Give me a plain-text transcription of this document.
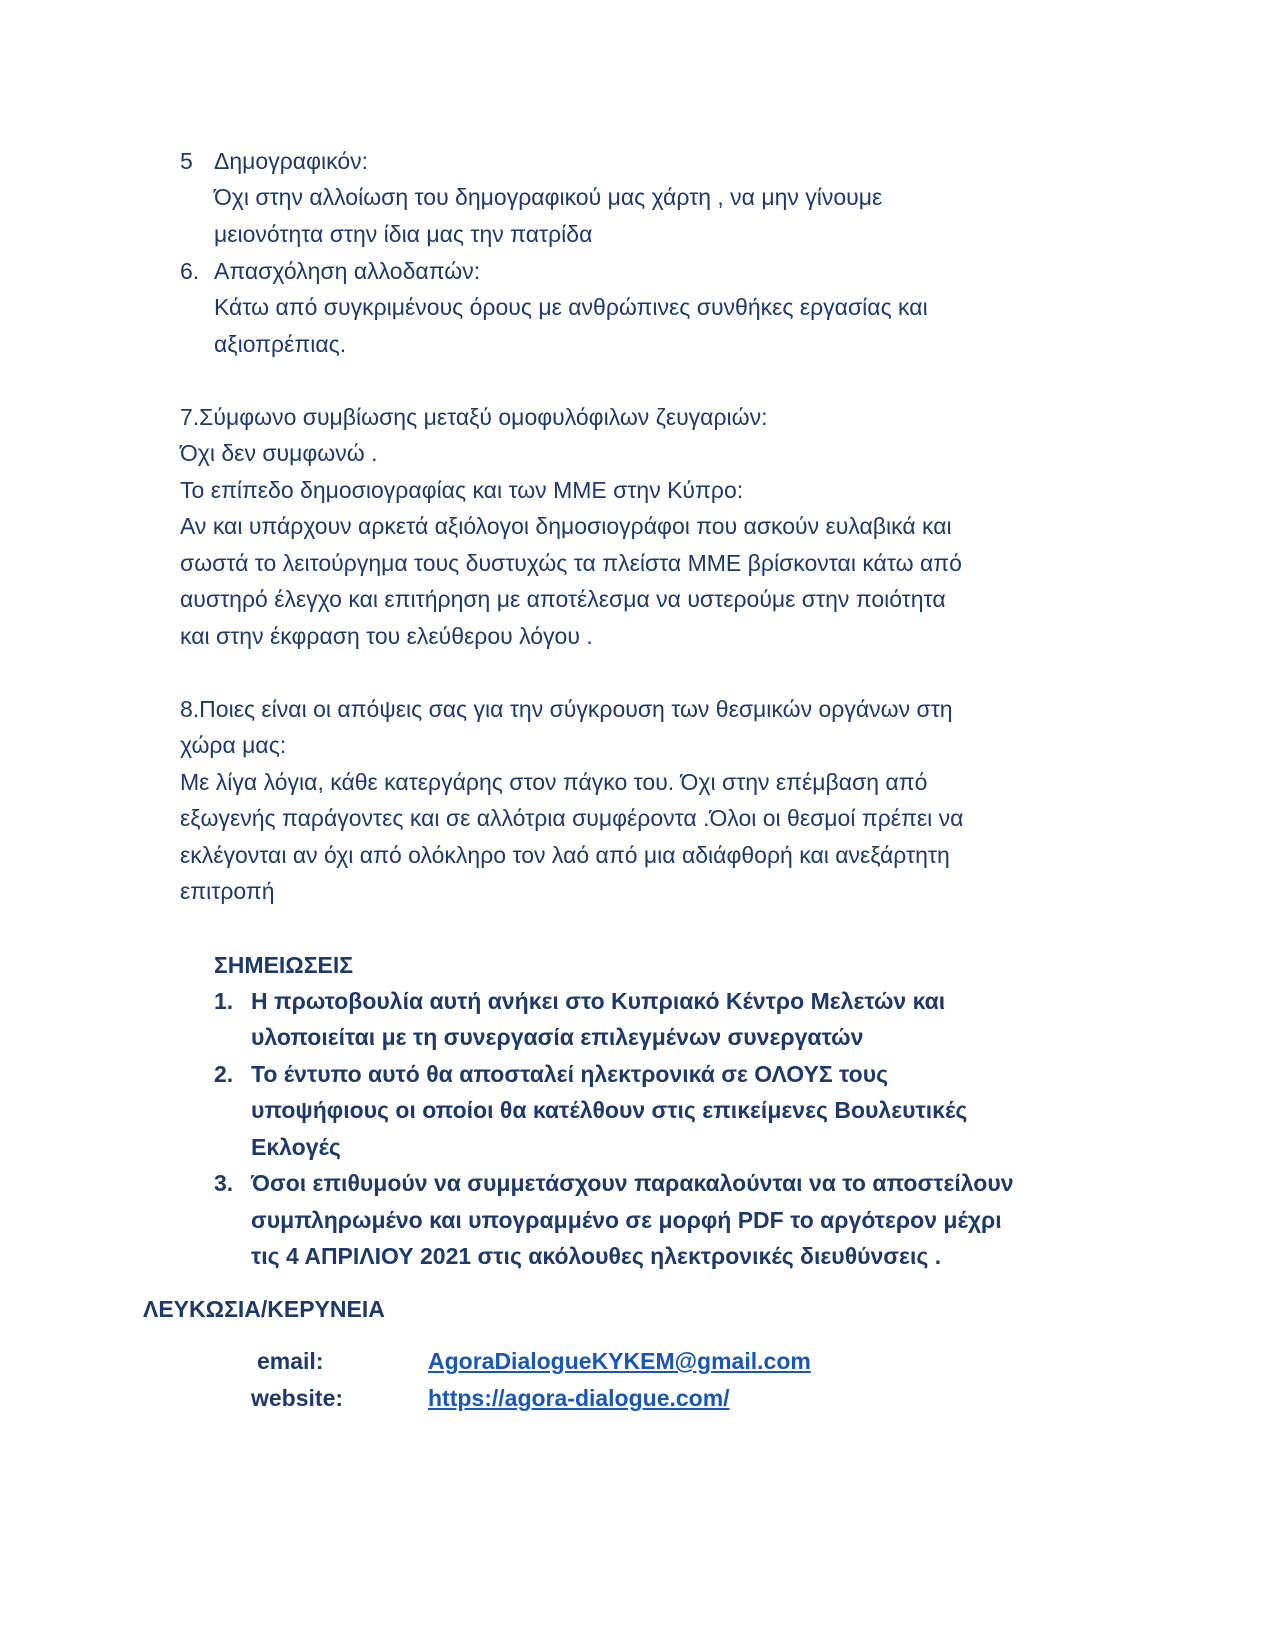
5 Δημογραφικόν:
Όχι στην αλλοίωση του δημογραφικού μας χάρτη , να μην γίνουμε
μειονότητα στην ίδια μας την πατρίδα
6. Απασχόληση αλλοδαπών:
Κάτω από συγκριμένους όρους με ανθρώπινες συνθήκες εργασίας και
αξιοπρέπιας.
7.Σύμφωνο συμβίωσης μεταξύ ομοφυλόφιλων ζευγαριών:
Όχι δεν συμφωνώ .
Το επίπεδο δημοσιογραφίας και των ΜΜΕ στην Κύπρο:
Αν και υπάρχουν αρκετά αξιόλογοι δημοσιογράφοι που ασκούν ευλαβικά και
σωστά το λειτούργημα τους δυστυχώς τα πλείστα ΜΜΕ βρίσκονται κάτω από
αυστηρό έλεγχο και επιτήρηση με αποτέλεσμα να υστερούμε στην ποιότητα
και στην έκφραση του ελεύθερου λόγου .
8.Ποιες είναι οι απόψεις σας για την σύγκρουση των θεσμικών οργάνων στη
χώρα μας:
Με λίγα λόγια, κάθε κατεργάρης στον πάγκο του. Όχι στην επέμβαση από
εξωγενής παράγοντες και σε αλλότρια συμφέροντα .Όλοι οι θεσμοί πρέπει να
εκλέγονται αν όχι από ολόκληρο τον λαό από μια αδιάφθορή και ανεξάρτητη
επιτροπή
ΣΗΜΕΙΩΣΕΙΣ
1. Η πρωτοβουλία αυτή ανήκει στο Κυπριακό Κέντρο Μελετών και
υλοποιείται με τη συνεργασία επιλεγμένων συνεργατών
2. Το έντυπο αυτό θα αποσταλεί ηλεκτρονικά σε ΟΛΟΥΣ τους
υποψήφιους οι οποίοι θα κατέλθουν στις επικείμενες Βουλευτικές
Εκλογές
3. Όσοι επιθυμούν να συμμετάσχουν παρακαλούνται να το αποστείλουν
συμπληρωμένο και υπογραμμένο σε μορφή PDF το αργότερον μέχρι
τις 4 ΑΠΡΙΛΙΟΥ 2021 στις ακόλουθες ηλεκτρονικές διευθύνσεις .
ΛΕΥΚΩΣΙΑ/ΚΕΡΥΝΕΙΑ
email:	AgoraDialogueKYKEM@gmail.com
website:	https://agora-dialogue.com/
